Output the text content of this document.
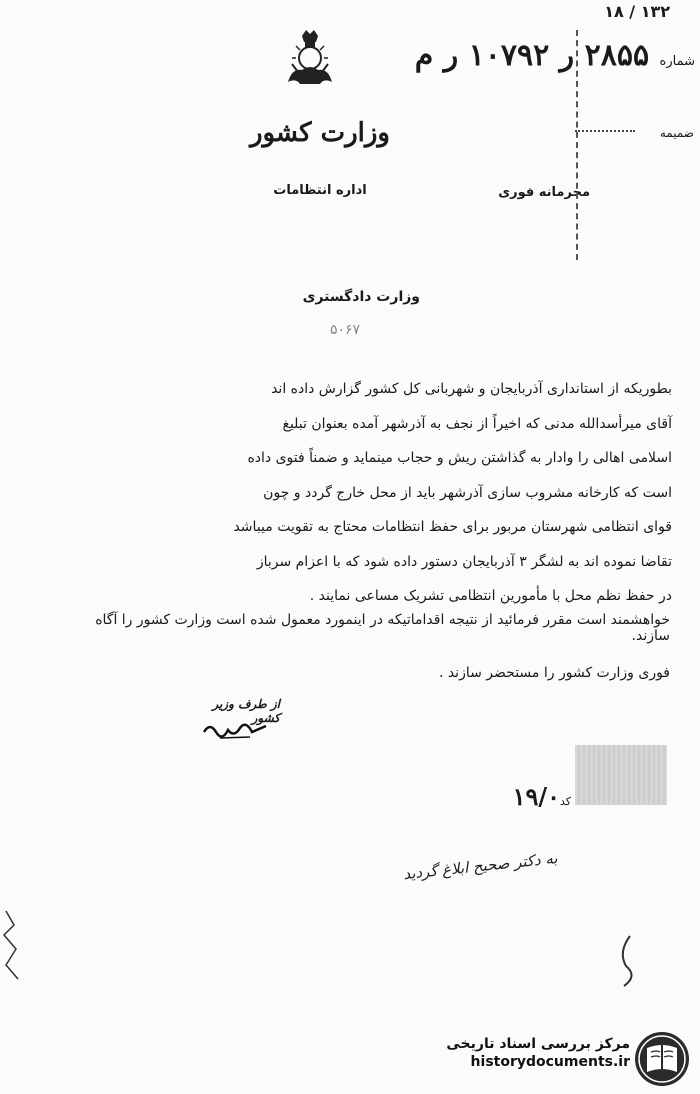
وزارت کشور
اداره انتظامات
۱۳۲ / ۱۸
شماره ۲۸۵۵ ر ۱۰۷۹۲ ر م
ضمیمه
محرمانه فوری
وزارت دادگستری
۵۰۶۷

بطوریکه از استانداری آذربایجان و شهربانی کل کشور گزارش داده اند

آقای میرأسدالله مدنی که اخیراً از نجف به آذرشهر آمده بعنوان تبلیغ

اسلامی اهالی را وادار به گذاشتن ریش و حجاب مینماید و ضمناً فتوی داده

است که کارخانه مشروب سازی آذرشهر باید از محل خارج گردد و چون

قوای انتظامی شهرستان مربور برای حفظ انتظامات محتاج به تقویت میباشد

تقاضا نموده اند به لشگر ۳ آذربایجان دستور داده شود که با اعزام سرباز

در حفظ نظم محل با مأمورین انتظامی تشریک مساعی نمایند .

خواهشمند است مقرر فرمائید از نتیجه اقداماتیکه در اینمورد معمول شده است وزارت کشور را آگاه سازند.
فوری وزارت کشور را مستحضر سازند .
از طرف وزیر کشور
۱۹/۰ کد
به دکتر صحیح ابلاغ گردید
مرکز بررسی اسناد تاریخی
historydocuments.ir
